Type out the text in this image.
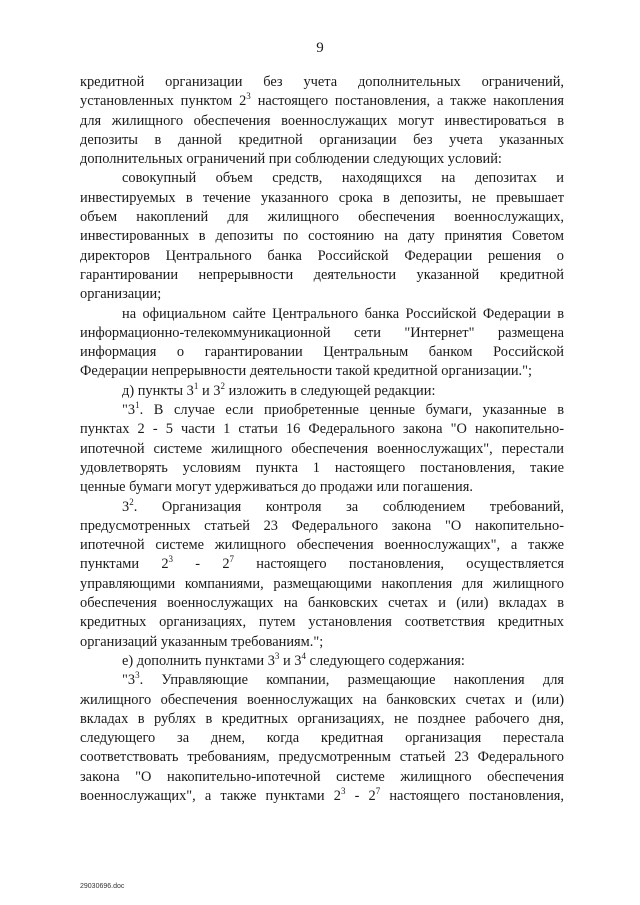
9

кредитной организации без учета дополнительных ограничений,
установленных пунктом $2^3$ настоящего постановления, а также накопления
для жилищного обеспечения военнослужащих могут инвестироваться в
депозиты в данной кредитной организации без учета указанных
дополнительных ограничений при соблюдении следующих условий:

совокупный объем средств, находящихся на депозитах и
инвестируемых в течение указанного срока в депозиты, не превышает
объем накоплений для жилищного обеспечения военнослужащих,
инвестированных в депозиты по состоянию на дату принятия Советом
директоров Центрального банка Российской Федерации решения о
гарантировании непрерывности деятельности указанной кредитной
организации;

на официальном сайте Центрального банка Российской Федерации в
информационно-телекоммуникационной сети "Интернет" размещена
информация о гарантировании Центральным банком Российской
Федерации непрерывности деятельности такой кредитной организации.";

д) пункты $3^1$ и $3^2$ изложить в следующей редакции:

"$3^1$. В случае если приобретенные ценные бумаги, указанные в
пунктах 2 - 5 части 1 статьи 16 Федерального закона "О накопительно-
ипотечной системе жилищного обеспечения военнослужащих", перестали
удовлетворять условиям пункта 1 настоящего постановления, такие
ценные бумаги могут удерживаться до продажи или погашения.

$3^2$. Организация контроля за соблюдением требований,
предусмотренных статьей 23 Федерального закона "О накопительно-
ипотечной системе жилищного обеспечения военнослужащих", а также
пунктами $2^3 - 2^7$ настоящего постановления, осуществляется
управляющими компаниями, размещающими накопления для жилищного
обеспечения военнослужащих на банковских счетах и (или) вкладах в
кредитных организациях, путем установления соответствия кредитных
организаций указанным требованиям.";

е) дополнить пунктами $3^3$ и $3^4$ следующего содержания:

"$3^3$. Управляющие компании, размещающие накопления для
жилищного обеспечения военнослужащих на банковских счетах и (или)
вкладах в рублях в кредитных организациях, не позднее рабочего дня,
следующего за днем, когда кредитная организация перестала
соответствовать требованиям, предусмотренным статьей 23 Федерального
закона "О накопительно-ипотечной системе жилищного обеспечения
военнослужащих", а также пунктами $2^3 - 2^7$ настоящего постановления,

29030696.doc
